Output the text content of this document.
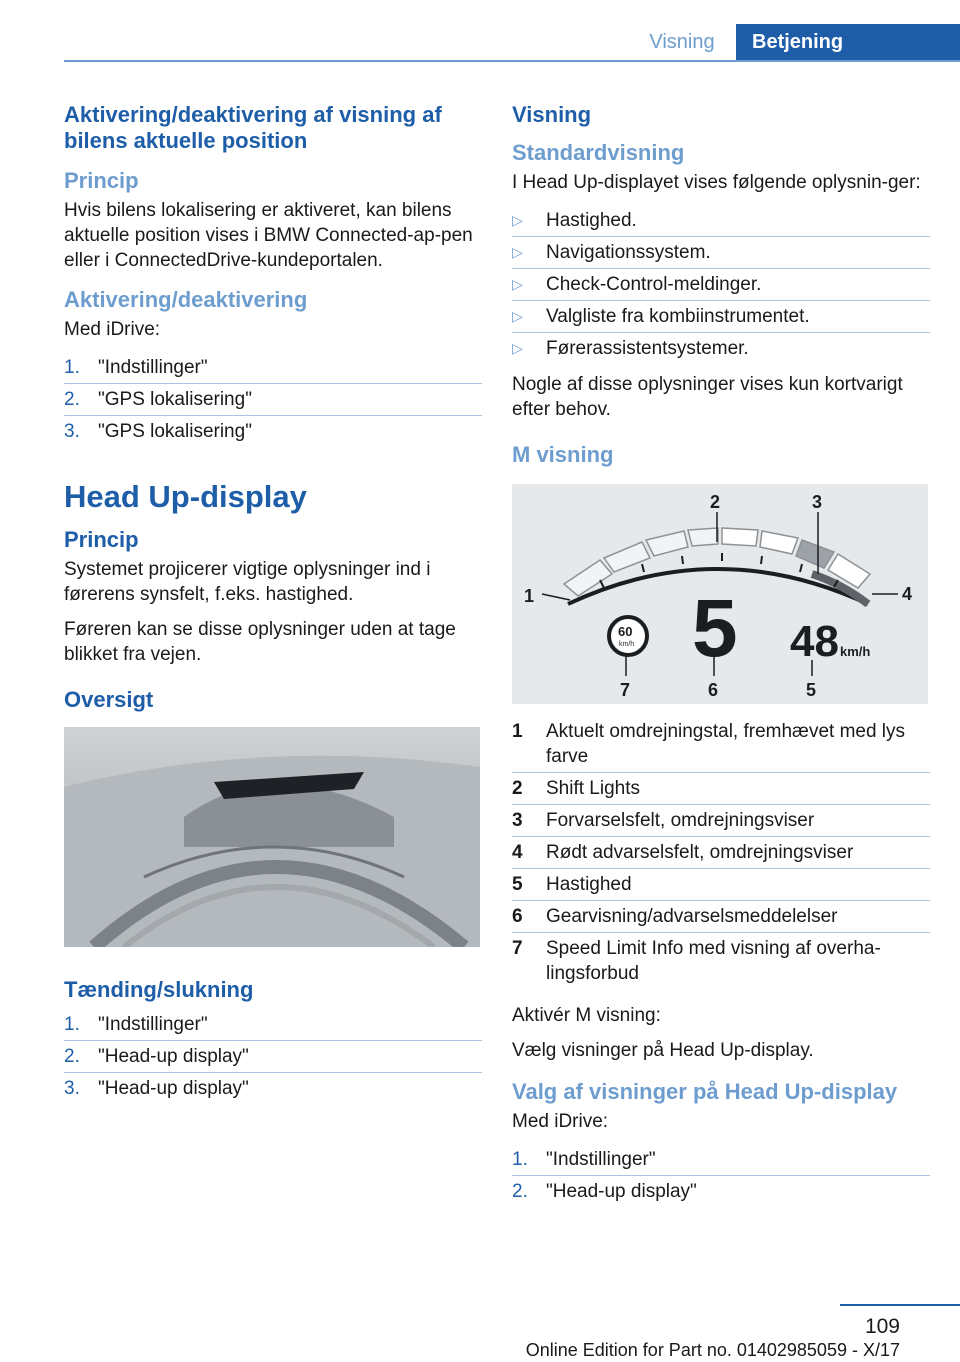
Visning	Betjening
Aktivering/deaktivering af visning af bilens aktuelle position
Princip

Hvis bilens lokalisering er aktiveret, kan bilens aktuelle position vises i BMW Connected-ap‐pen eller i ConnectedDrive-kundeportalen.

Aktivering/deaktivering

Med iDrive:

1. "Indstillinger"
2. "GPS lokalisering"
3. "GPS lokalisering"
Head Up-display
Princip

Systemet projicerer vigtige oplysninger ind i førerens synsfelt, f.eks. hastighed.

Føreren kan se disse oplysninger uden at tage blikket fra vejen.

Oversigt
Tænding/slukning
1. "Indstillinger"
2. "Head-up display"
3. "Head-up display"
Visning
Standardvisning

I Head Up-displayet vises følgende oplysnin‐ger:

▷	Hastighed.
▷	Navigationssystem.
▷	Check-Control-meldinger.
▷	Valgliste fra kombiinstrumentet.
▷	Førerassistentsystemer.

Nogle af disse oplysninger vises kun kortvarigt efter behov.

M visning
2	3
1	4
7	6	5
60
km/h 5 48 km/h
1	Aktuelt omdrejningstal, fremhævet med lys farve
2	Shift Lights
3	Forvarselsfelt, omdrejningsviser
4	Rødt advarselsfelt, omdrejningsviser
5	Hastighed
6	Gearvisning/advarselsmeddelelser
7	Speed Limit Info med visning af overha‐lingsforbud

Aktivér M visning:

Vælg visninger på Head Up-display.

Valg af visninger på Head Up-display

Med iDrive:

1. "Indstillinger"
2. "Head-up display"
109
Online Edition for Part no. 01402985059 - X/17
